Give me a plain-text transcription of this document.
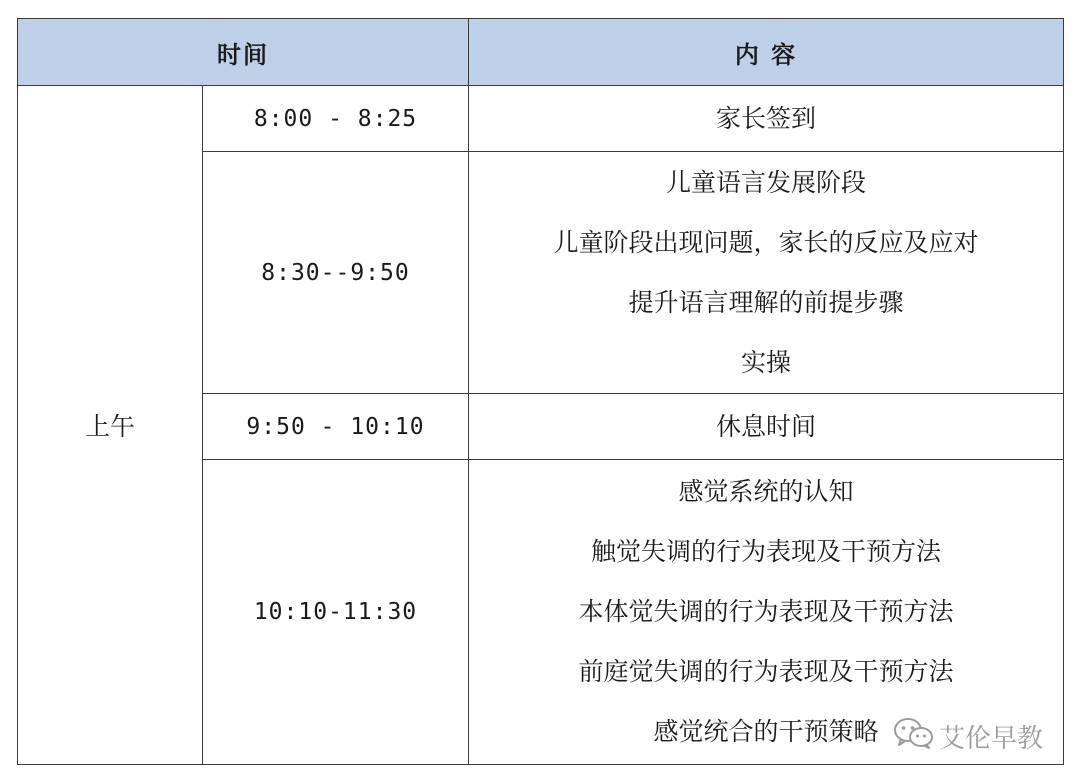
时间		内 容
上午	8:00 - 8:25	家长签到

	8:30--9:50	儿童语言发展阶段
儿童阶段出现问题，家长的反应及应对
提升语言理解的前提步骤
实操

	9:50 - 10:10	休息时间

	10:10-11:30	感觉系统的认知
触觉失调的行为表现及干预方法
本体觉失调的行为表现及干预方法
前庭觉失调的行为表现及干预方法
感觉统合的干预策略	艾伦早教
